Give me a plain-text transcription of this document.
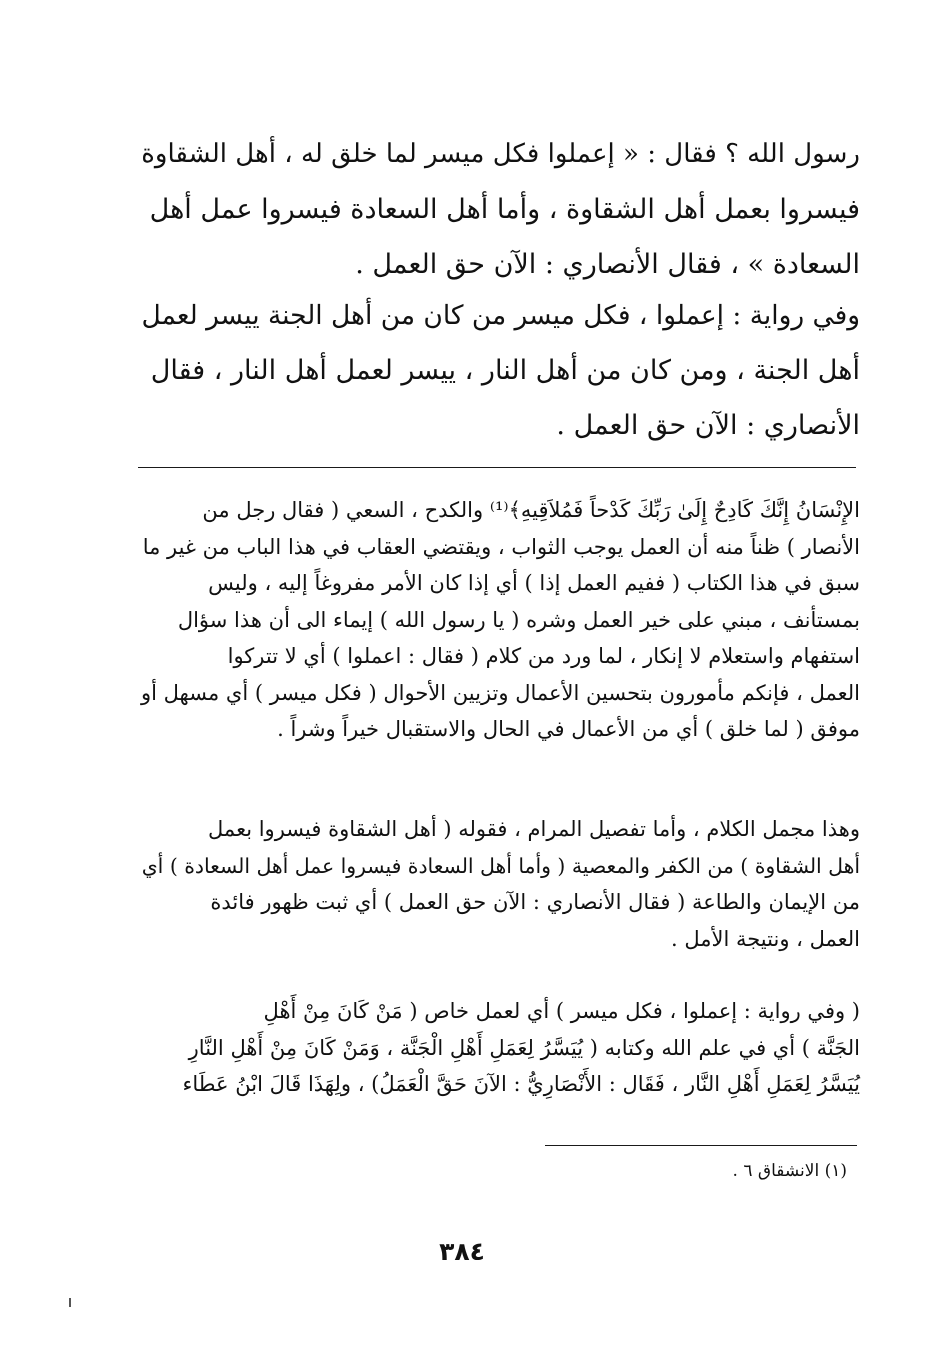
رسول الله ؟ فقال : « إعملوا فكل ميسر لما خلق له ، أهل الشقاوة
فيسروا بعمل أهل الشقاوة ، وأما أهل السعادة فيسروا عمل أهل
السعادة » ، فقال الأنصاري : الآن حق العمل .
وفي رواية : إعملوا ، فكل ميسر من كان من أهل الجنة ييسر لعمل
أهل الجنة ، ومن كان من أهل النار ، ييسر لعمل أهل النار ، فقال
الأنصاري : الآن حق العمل .
الإِنْسَانُ إِنَّكَ كَادِحٌ إِلَىٰ رَبِّكَ كَدْحاً فَمُلاَقِيهِ﴾⁽¹⁾ والكدح ، السعي ( فقال رجل من
الأنصار ) ظناً منه أن العمل يوجب الثواب ، ويقتضي العقاب في هذا الباب من غير ما
سبق في هذا الكتاب ( ففيم العمل إذا ) أي إذا كان الأمر مفروغاً إليه ، وليس
بمستأنف ، مبني على خير العمل وشره ( يا رسول الله ) إيماء الى أن هذا سؤال
استفهام واستعلام لا إنكار ، لما ورد من كلام ( فقال : اعملوا ) أي لا تتركوا
العمل ، فإنكم مأمورون بتحسين الأعمال وتزيين الأحوال ( فكل ميسر ) أي مسهل أو
موفق ( لما خلق ) أي من الأعمال في الحال والاستقبال خيراً وشراً .
وهذا مجمل الكلام ، وأما تفصيل المرام ، فقوله ( أهل الشقاوة فيسروا بعمل
أهل الشقاوة ) من الكفر والمعصية ( وأما أهل السعادة فيسروا عمل أهل السعادة ) أي
من الإيمان والطاعة ( فقال الأنصاري : الآن حق العمل ) أي ثبت ظهور فائدة
العمل ، ونتيجة الأمل .
( وفي رواية : إعملوا ، فكل ميسر ) أي لعمل خاص ( مَنْ كَانَ مِنْ أَهْلِ
الجَنَّة ) أي في علم الله وكتابه ( يُيَسَّرُ لِعَمَلِ أَهْلِ الْجَنَّة ، وَمَنْ كَانَ مِنْ أَهْلِ النَّارِ
يُيَسَّرُ لِعَمَلِ أَهْلِ النَّار ، فَقَال : الأَنْصَارِيُّ : الآنَ حَقَّ الْعَمَلُ) ، ولِهَذَا قَالَ ابْنُ عَطَاء
(١) الانشقاق ٦ .
٣٨٤
